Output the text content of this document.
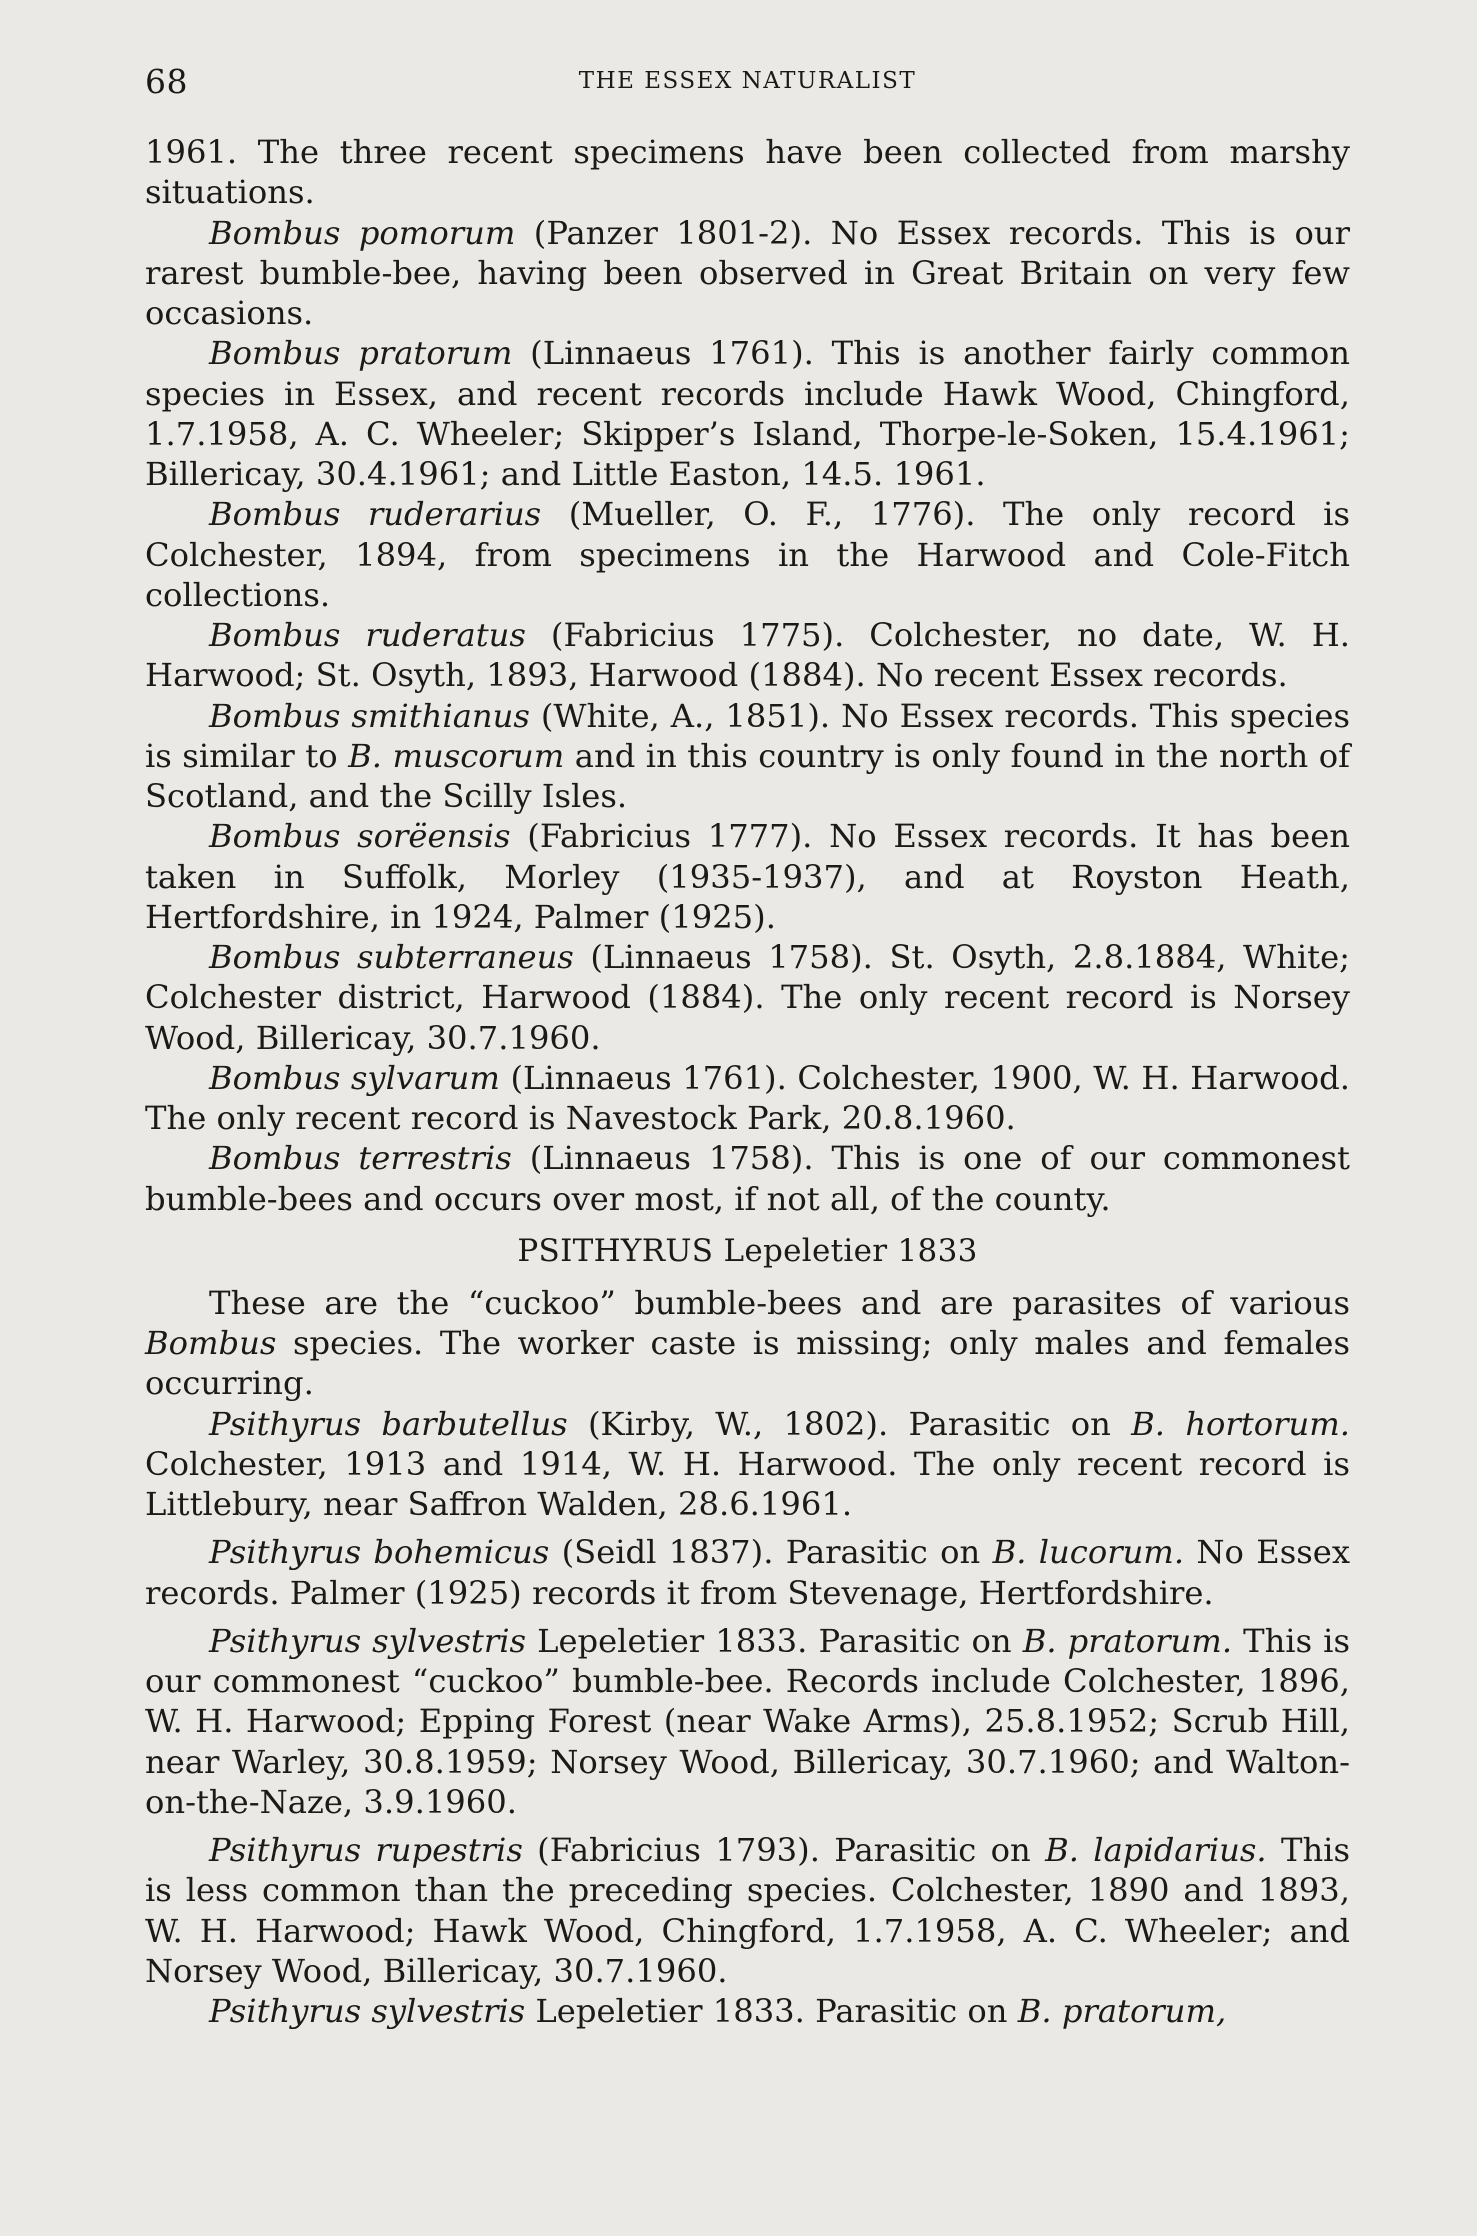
68	THE ESSEX NATURALIST

1961. The three recent specimens have been collected from marshy situations.

Bombus pomorum (Panzer 1801-2). No Essex records. This is our rarest bumble-bee, having been observed in Great Britain on very few occasions.

Bombus pratorum (Linnaeus 1761). This is another fairly common species in Essex, and recent records include Hawk Wood, Chingford, 1.7.1958, A. C. Wheeler; Skipper’s Island, Thorpe-le-Soken, 15.4.1961; Billericay, 30.4.1961; and Little Easton, 14.5. 1961.

Bombus ruderarius (Mueller, O. F., 1776). The only record is Colchester, 1894, from specimens in the Harwood and Cole-Fitch collections.

Bombus ruderatus (Fabricius 1775). Colchester, no date, W. H. Harwood; St. Osyth, 1893, Harwood (1884). No recent Essex records.

Bombus smithianus (White, A., 1851). No Essex records. This species is similar to B. muscorum and in this country is only found in the north of Scotland, and the Scilly Isles.

Bombus sorëensis (Fabricius 1777). No Essex records. It has been taken in Suffolk, Morley (1935-1937), and at Royston Heath, Hertfordshire, in 1924, Palmer (1925).

Bombus subterraneus (Linnaeus 1758). St. Osyth, 2.8.1884, White; Colchester district, Harwood (1884). The only recent record is Norsey Wood, Billericay, 30.7.1960.

Bombus sylvarum (Linnaeus 1761). Colchester, 1900, W. H. Harwood. The only recent record is Navestock Park, 20.8.1960.

Bombus terrestris (Linnaeus 1758). This is one of our commonest bumble-bees and occurs over most, if not all, of the county.

PSITHYRUS Lepeletier 1833

These are the “cuckoo” bumble-bees and are parasites of various Bombus species. The worker caste is missing; only males and females occurring.

Psithyrus barbutellus (Kirby, W., 1802). Parasitic on B. hortorum. Colchester, 1913 and 1914, W. H. Harwood. The only recent record is Littlebury, near Saffron Walden, 28.6.1961.

Psithyrus bohemicus (Seidl 1837). Parasitic on B. lucorum. No Essex records. Palmer (1925) records it from Stevenage, Hertfordshire.

Psithyrus sylvestris Lepeletier 1833. Parasitic on B. pratorum. This is our commonest “cuckoo” bumble-bee. Records include Colchester, 1896, W. H. Harwood; Epping Forest (near Wake Arms), 25.8.1952; Scrub Hill, near Warley, 30.8.1959; Norsey Wood, Billericay, 30.7.1960; and Walton-on-the-Naze, 3.9.1960.

Psithyrus rupestris (Fabricius 1793). Parasitic on B. lapidarius. This is less common than the preceding species. Colchester, 1890 and 1893, W. H. Harwood; Hawk Wood, Chingford, 1.7.1958, A. C. Wheeler; and Norsey Wood, Billericay, 30.7.1960.

Psithyrus sylvestris Lepeletier 1833. Parasitic on B. pratorum,
